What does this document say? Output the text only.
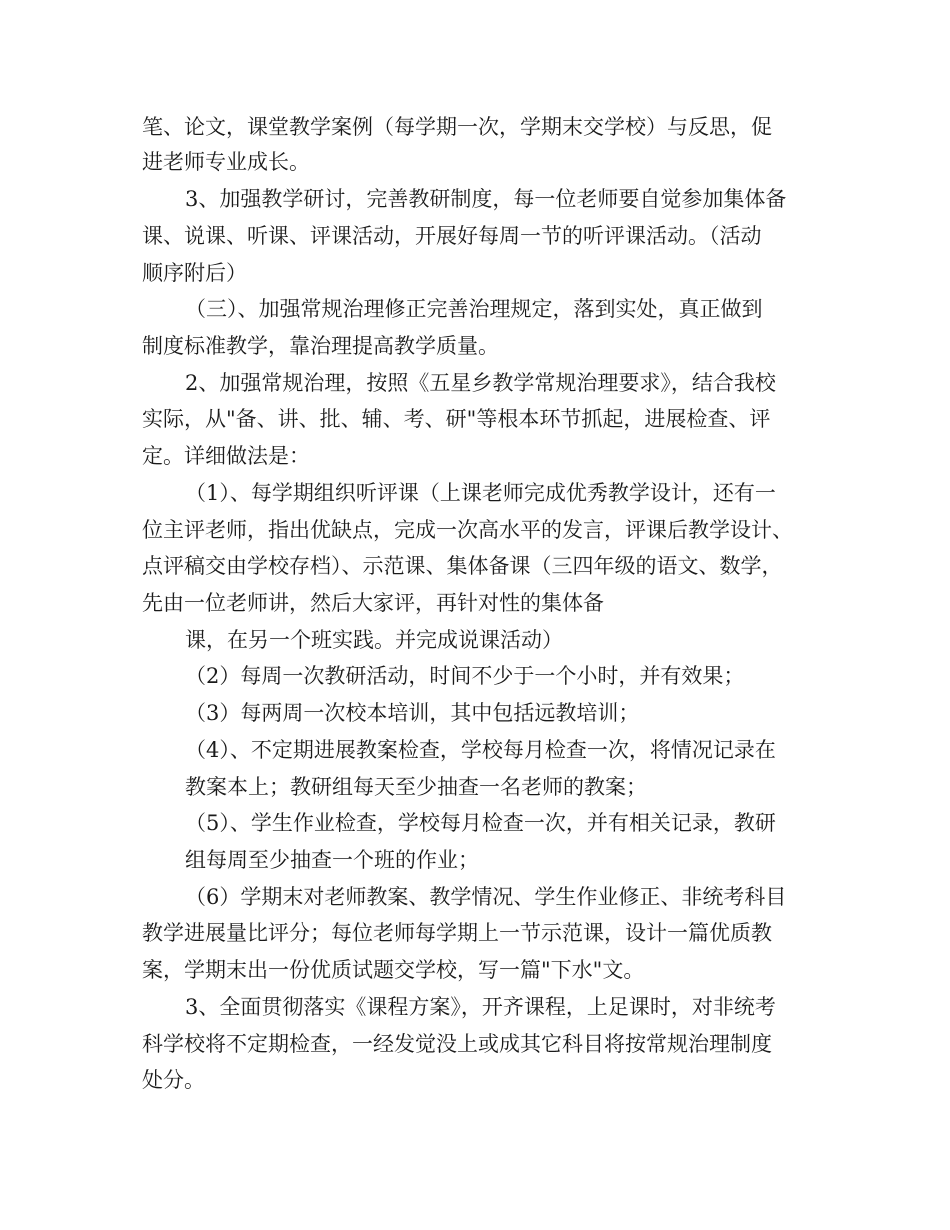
笔、论文，课堂教学案例（每学期一次，学期末交学校）与反思，促
进老师专业成长。
3、加强教学研讨，完善教研制度，每一位老师要自觉参加集体备
课、说课、听课、评课活动，开展好每周一节的听评课活动。（活动
顺序附后）
（三）、加强常规治理修正完善治理规定，落到实处，真正做到
制度标准教学，靠治理提高教学质量。
2、加强常规治理，按照《五星乡教学常规治理要求》，结合我校
实际，从"备、讲、批、辅、考、研"等根本环节抓起，进展检查、评
定。详细做法是：
（1）、每学期组织听评课（上课老师完成优秀教学设计，还有一
位主评老师，指出优缺点，完成一次高水平的发言，评课后教学设计、
点评稿交由学校存档）、示范课、集体备课（三四年级的语文、数学，
先由一位老师讲，然后大家评，再针对性的集体备
课，在另一个班实践。并完成说课活动）
（2）每周一次教研活动，时间不少于一个小时，并有效果；
（3）每两周一次校本培训，其中包括远教培训；
（4）、不定期进展教案检查，学校每月检查一次，将情况记录在
教案本上；教研组每天至少抽查一名老师的教案；
（5）、学生作业检查，学校每月检查一次，并有相关记录，教研
组每周至少抽查一个班的作业；
（6）学期末对老师教案、教学情况、学生作业修正、非统考科目
教学进展量比评分；每位老师每学期上一节示范课，设计一篇优质教
案，学期末出一份优质试题交学校，写一篇"下水"文。
3、全面贯彻落实《课程方案》，开齐课程，上足课时，对非统考
科学校将不定期检查，一经发觉没上或成其它科目将按常规治理制度
处分。
